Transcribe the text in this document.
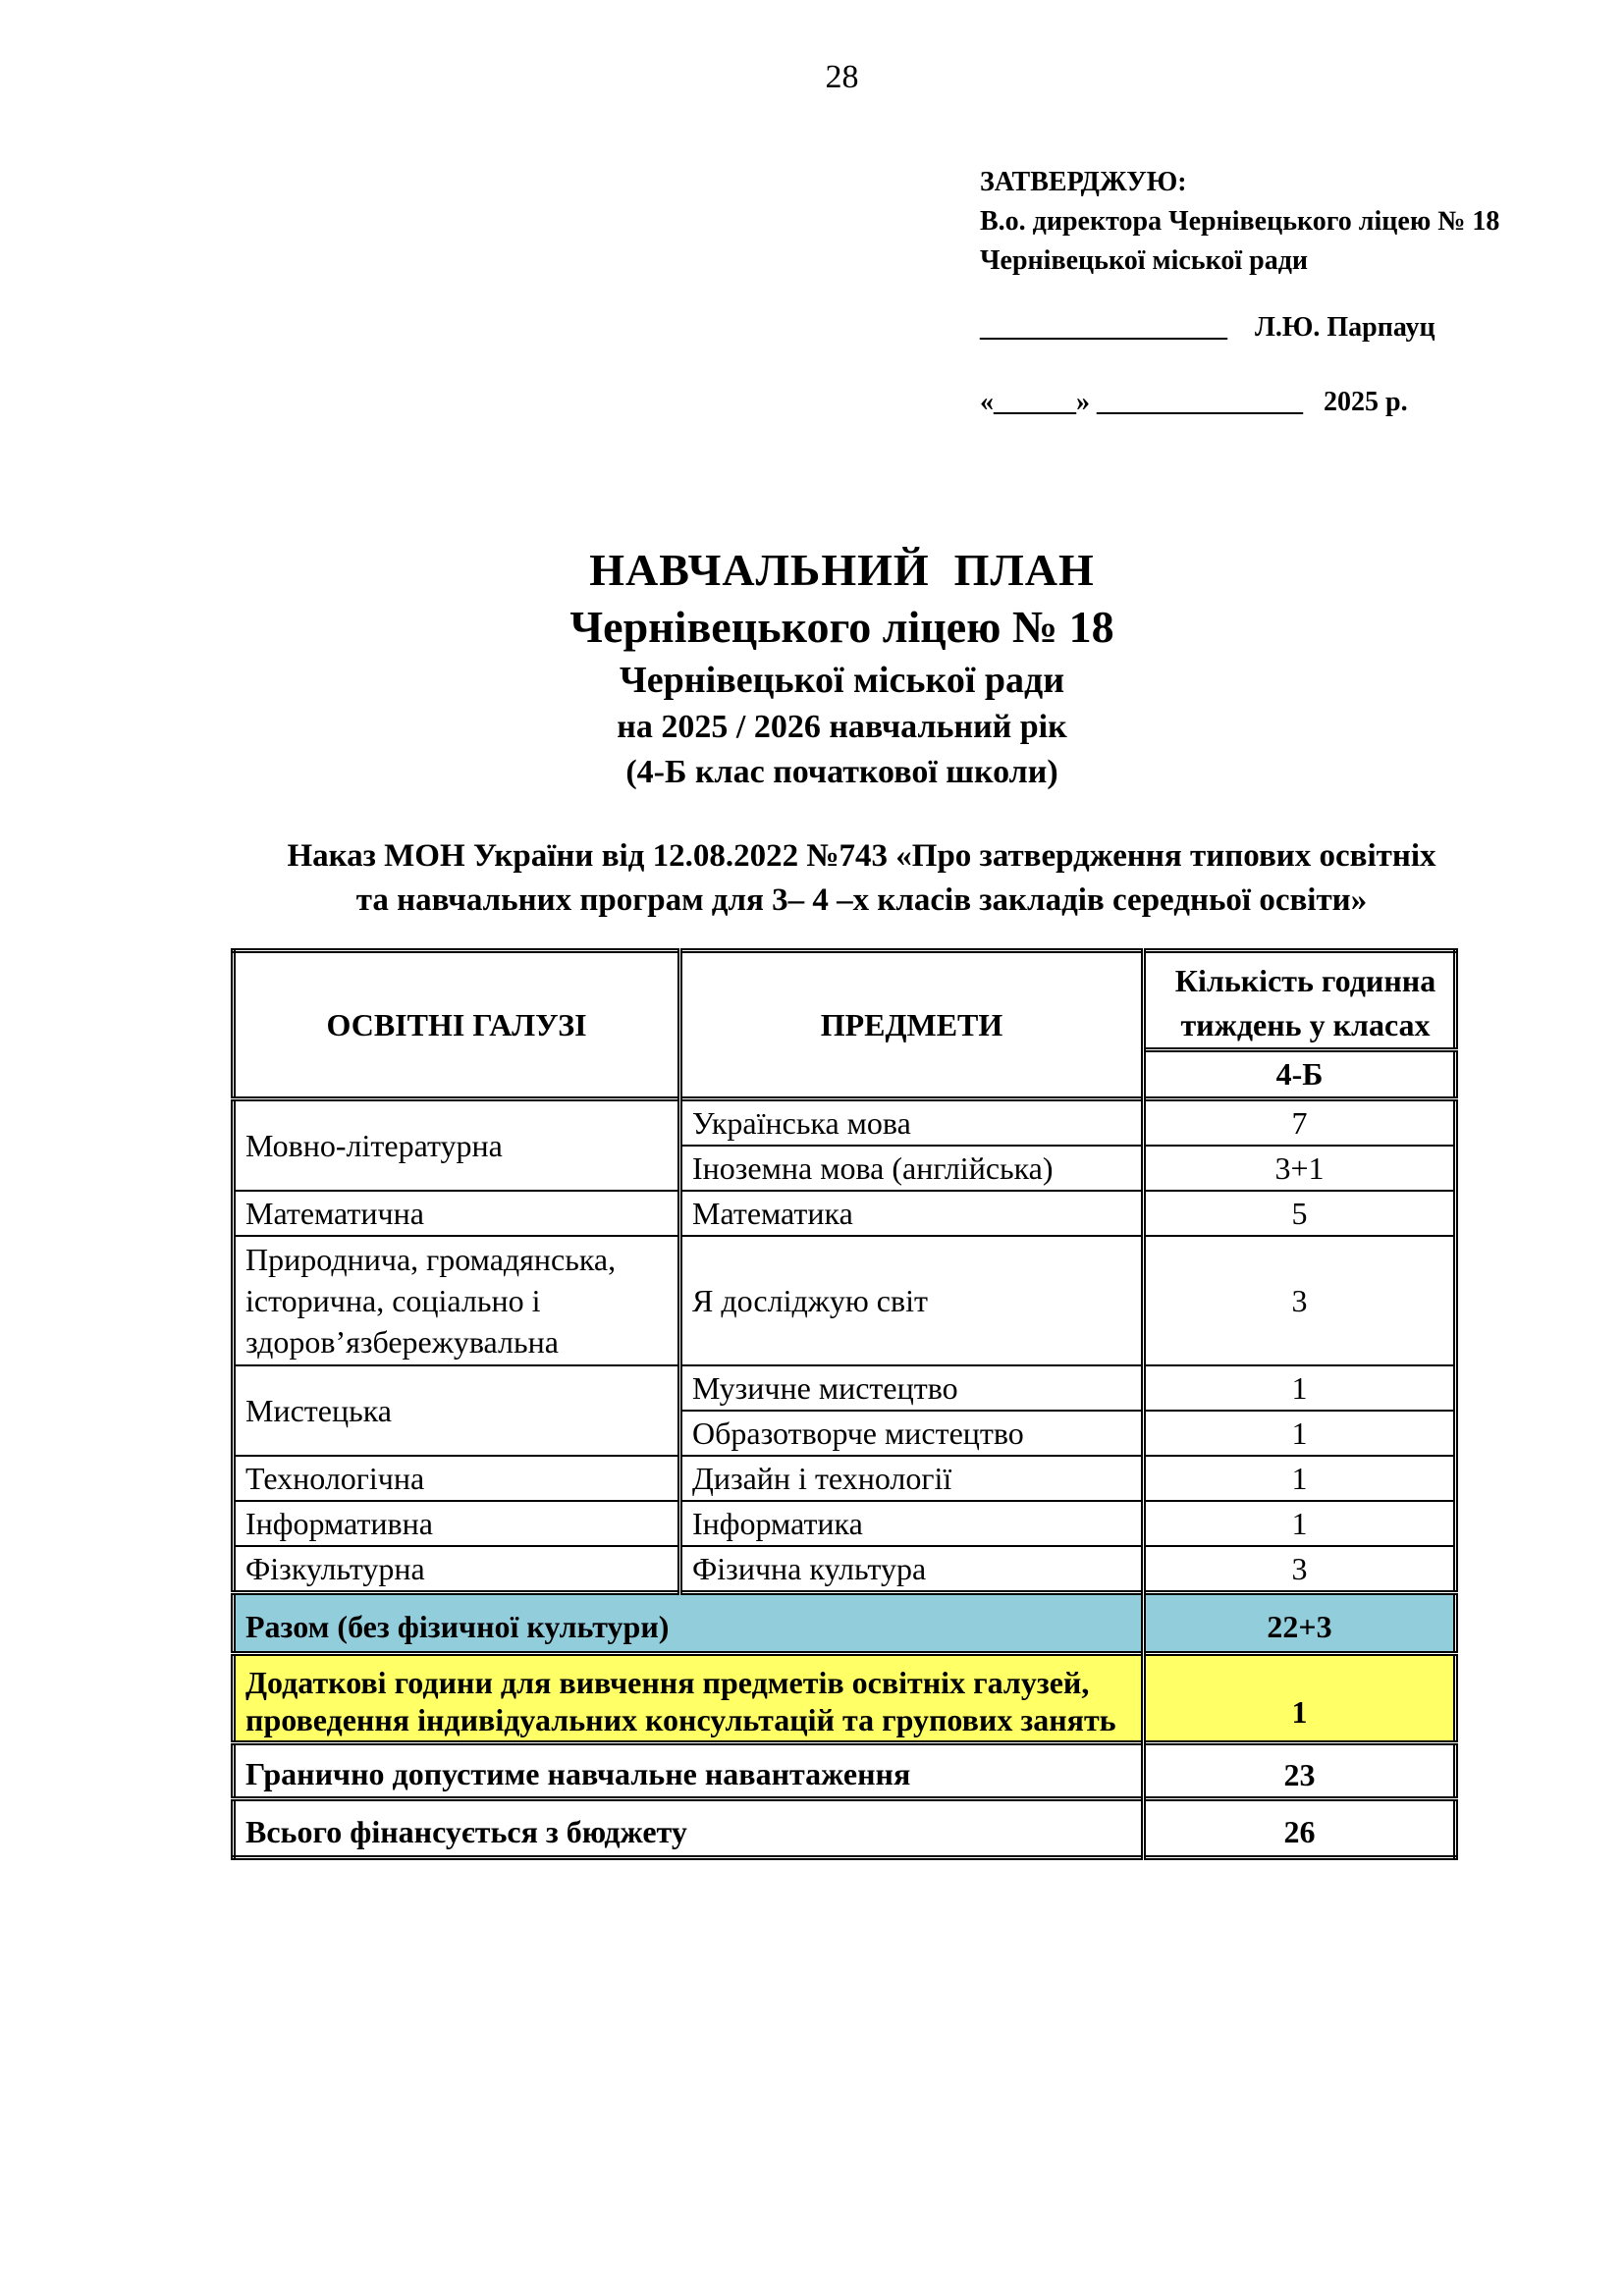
28
ЗАТВЕРДЖУЮ:
В.о. директора Чернівецького ліцею № 18
Чернівецької міської ради
__________________ Л.Ю. Парпауц
«______» _______________ 2025 р.
НАВЧАЛЬНИЙ  ПЛАН
Чернівецького ліцею № 18
Чернівецької міської ради
на 2025 / 2026 навчальний рік
(4-Б клас початкової школи)
Наказ МОН України від 12.08.2022 №743 «Про затвердження типових освітніх
та навчальних програм для 3– 4 –х класів закладів середньої освіти»
ОСВІТНІ ГАЛУЗІ	ПРЕДМЕТИ	Кількість годинна
тиждень у класах

		4-Б

Мовно-літературна	Українська мова	7

	Іноземна мова (англійська)	3+1

Математична	Математика	5

Природнича, громадянська,
історична, соціально і
здоров’язбережувальна	Я досліджую світ	3

Мистецька	Музичне мистецтво	1

	Образотворче мистецтво	1

Технологічна	Дизайн і технології	1

Інформативна	Інформатика	1

Фізкультурна	Фізична культура	3

Разом (без фізичної культури)		22+3

Додаткові години для вивчення предметів освітніх галузей,
проведення індивідуальних консультацій та групових занять		1

Гранично допустиме навчальне навантаження		23

Всього фінансується з бюджету		26
